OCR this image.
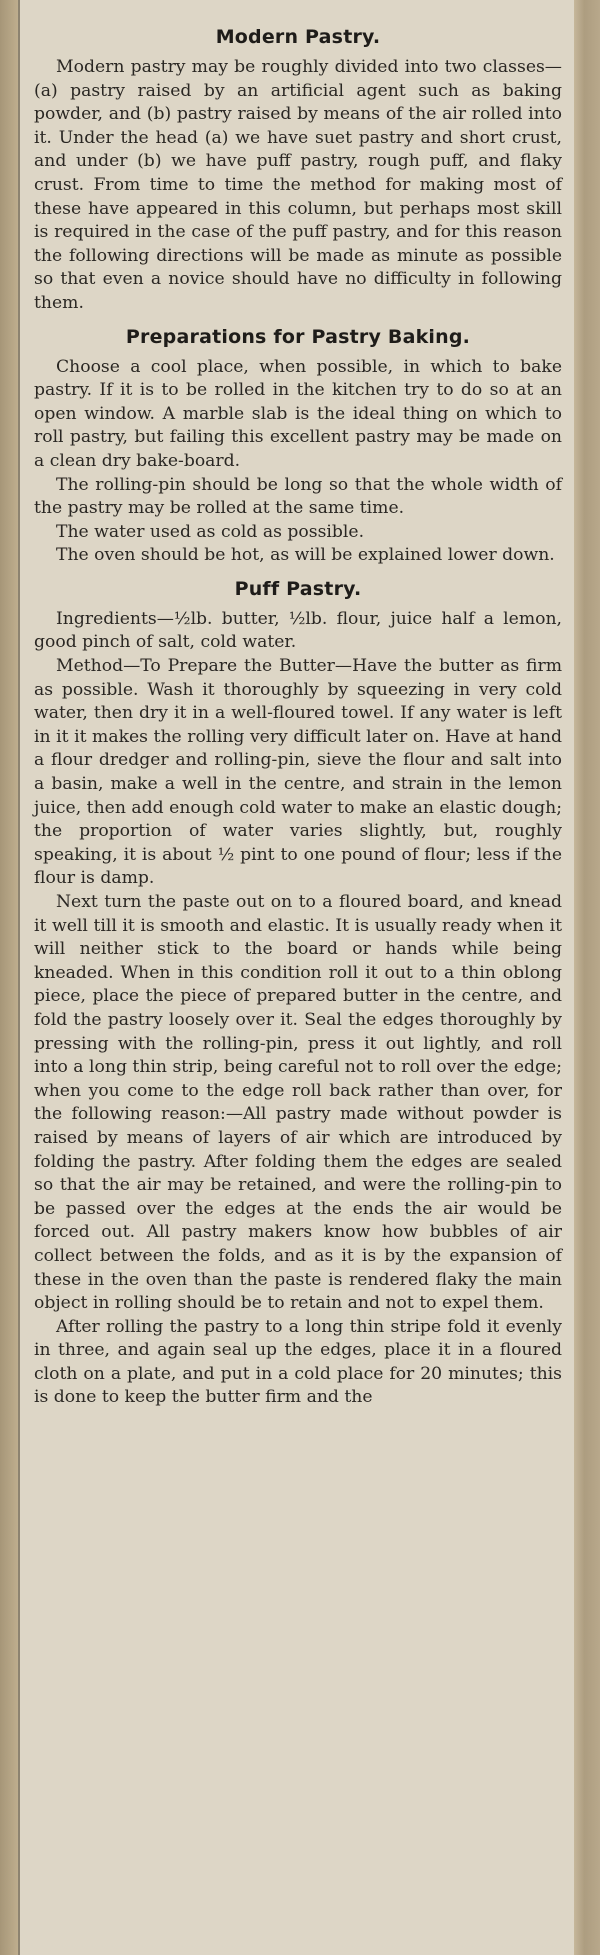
Modern Pastry.

Modern pastry may be roughly divided into two classes—(a) pastry raised by an artificial agent such as baking powder, and (b) pastry raised by means of the air rolled into it. Under the head (a) we have suet pastry and short crust, and under (b) we have puff pastry, rough puff, and flaky crust. From time to time the method for making most of these have appeared in this column, but perhaps most skill is required in the case of the puff pastry, and for this reason the following directions will be made as minute as possible so that even a novice should have no difficulty in following them.

Preparations for Pastry Baking.

Choose a cool place, when possible, in which to bake pastry. If it is to be rolled in the kitchen try to do so at an open window. A marble slab is the ideal thing on which to roll pastry, but failing this excellent pastry may be made on a clean dry bake-board.

The rolling-pin should be long so that the whole width of the pastry may be rolled at the same time.

The water used as cold as possible.

The oven should be hot, as will be explained lower down.

Puff Pastry.

Ingredients—½lb. butter, ½lb. flour, juice half a lemon, good pinch of salt, cold water.

Method—To Prepare the Butter—Have the butter as firm as possible. Wash it thoroughly by squeezing in very cold water, then dry it in a well-floured towel. If any water is left in it it makes the rolling very difficult later on. Have at hand a flour dredger and rolling-pin, sieve the flour and salt into a basin, make a well in the centre, and strain in the lemon juice, then add enough cold water to make an elastic dough; the proportion of water varies slightly, but, roughly speaking, it is about ½ pint to one pound of flour; less if the flour is damp.

Next turn the paste out on to a floured board, and knead it well till it is smooth and elastic. It is usually ready when it will neither stick to the board or hands while being kneaded. When in this condition roll it out to a thin oblong piece, place the piece of prepared butter in the centre, and fold the pastry loosely over it. Seal the edges thoroughly by pressing with the rolling-pin, press it out lightly, and roll into a long thin strip, being careful not to roll over the edge; when you come to the edge roll back rather than over, for the following reason:—All pastry made without powder is raised by means of layers of air which are introduced by folding the pastry. After folding them the edges are sealed so that the air may be retained, and were the rolling-pin to be passed over the edges at the ends the air would be forced out. All pastry makers know how bubbles of air collect between the folds, and as it is by the expansion of these in the oven than the paste is rendered flaky the main object in rolling should be to retain and not to expel them.

After rolling the pastry to a long thin stripe fold it evenly in three, and again seal up the edges, place it in a floured cloth on a plate, and put in a cold place for 20 minutes; this is done to keep the butter firm and the
